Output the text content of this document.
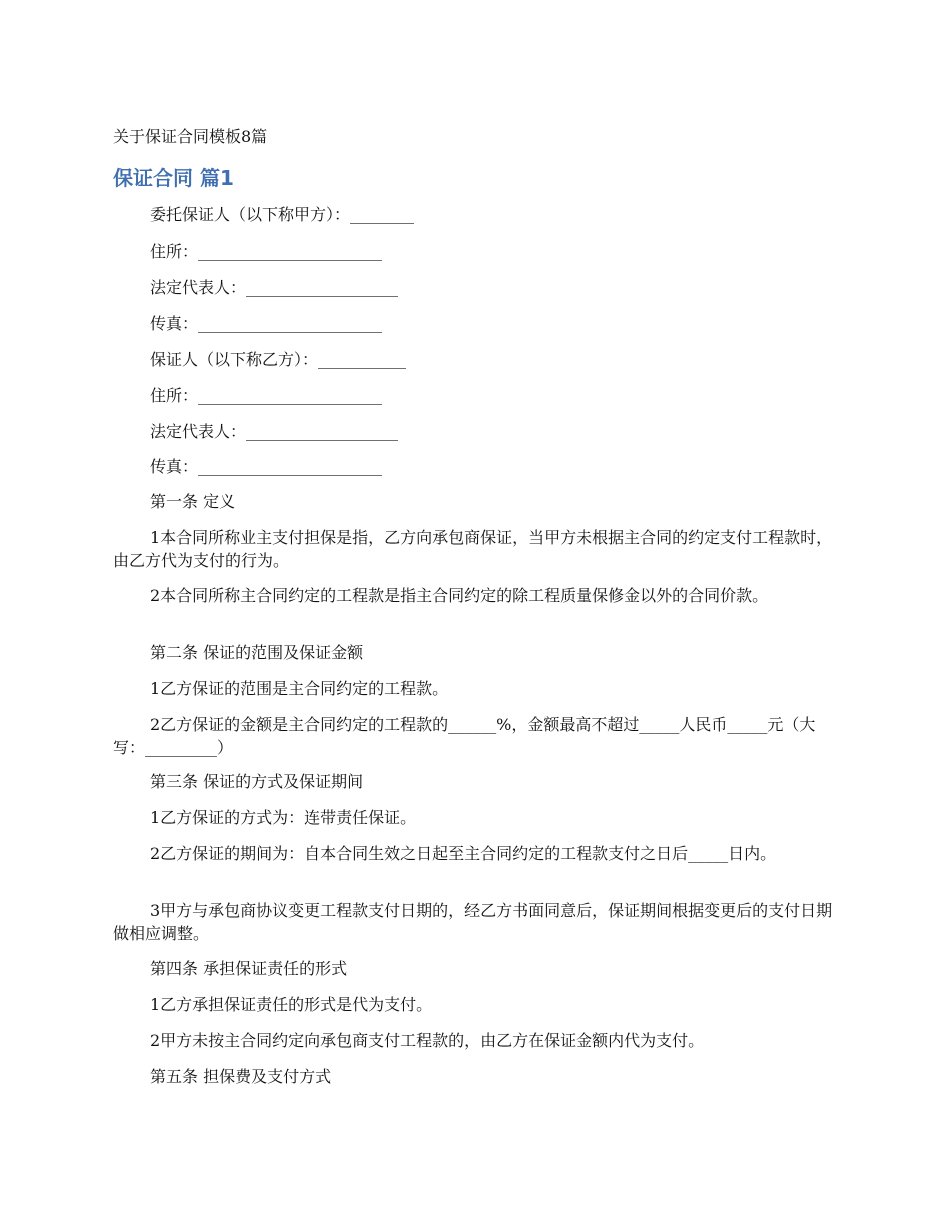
关于保证合同模板8篇
保证合同 篇1

委托保证人（以下称甲方）：________

住所：_______________________

法定代表人：___________________

传真：_______________________

保证人（以下称乙方）：___________

住所：_______________________

法定代表人：___________________

传真：_______________________

第一条 定义

1本合同所称业主支付担保是指，乙方向承包商保证，当甲方未根据主合同的约定支付工程款时，由乙方代为支付的行为。

2本合同所称主合同约定的工程款是指主合同约定的除工程质量保修金以外的合同价款。

第二条 保证的范围及保证金额

1乙方保证的范围是主合同约定的工程款。

2乙方保证的金额是主合同约定的工程款的______%，金额最高不超过_____人民币_____元（大写：_________）

第三条 保证的方式及保证期间

1乙方保证的方式为：连带责任保证。

2乙方保证的期间为：自本合同生效之日起至主合同约定的工程款支付之日后_____日内。

3甲方与承包商协议变更工程款支付日期的，经乙方书面同意后，保证期间根据变更后的支付日期做相应调整。

第四条 承担保证责任的形式

1乙方承担保证责任的形式是代为支付。

2甲方未按主合同约定向承包商支付工程款的，由乙方在保证金额内代为支付。

第五条 担保费及支付方式
